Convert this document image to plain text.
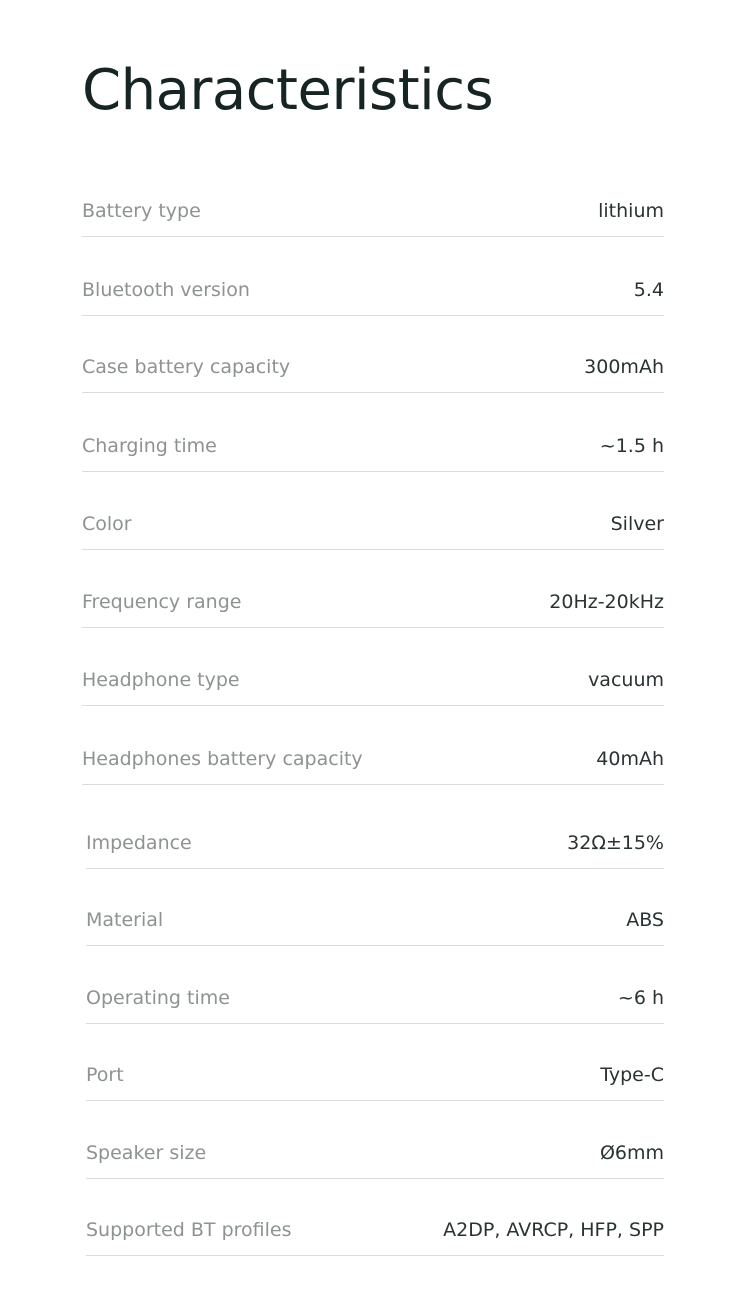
Characteristics
Battery type	lithium
Bluetooth version	5.4
Case battery capacity	300mAh
Charging time	~1.5 h
Color	Silver
Frequency range	20Hz-20kHz
Headphone type	vacuum
Headphones battery capacity	40mAh
Impedance	32Ω±15%
Material	ABS
Operating time	~6 h
Port	Type-C
Speaker size	Ø6mm
Supported BT profiles	A2DP, AVRCP, HFP, SPP
